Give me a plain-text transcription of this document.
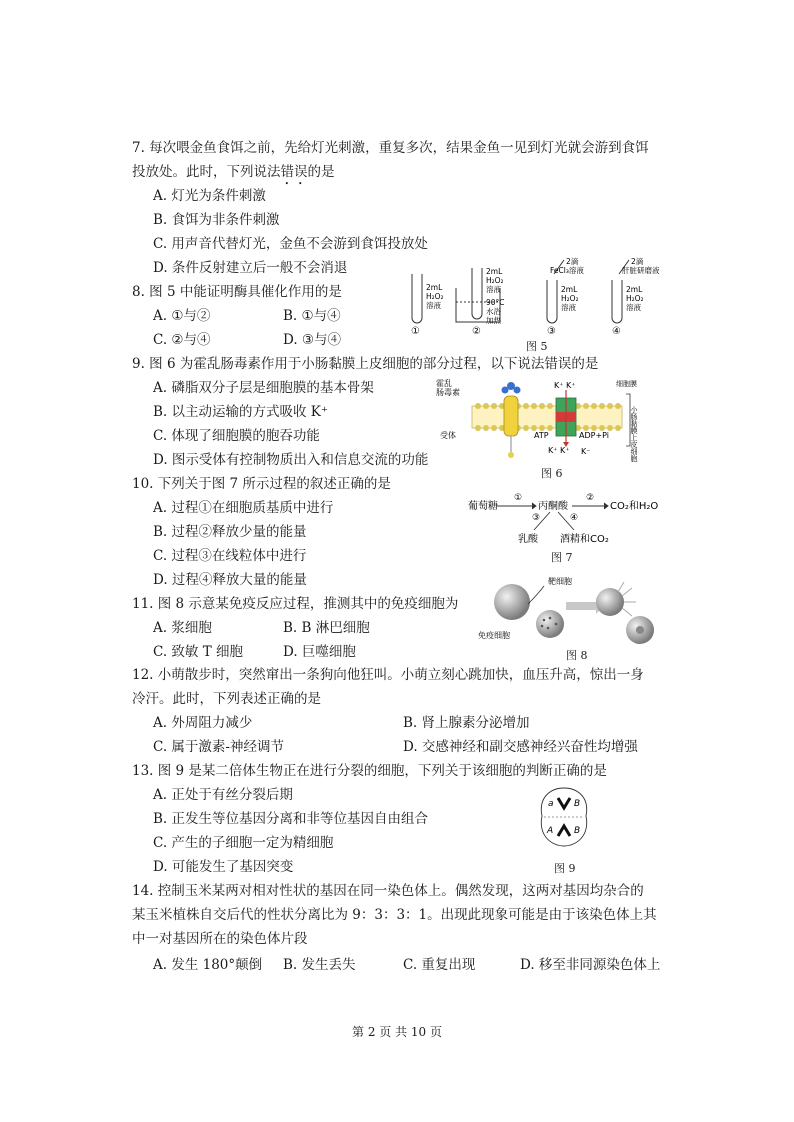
7. 每次喂金鱼食饵之前，先给灯光刺激，重复多次，结果金鱼一见到灯光就会游到食饵
投放处。此时，下列说法错误的是
A. 灯光为条件刺激
B. 食饵为非条件刺激
C. 用声音代替灯光，金鱼不会游到食饵投放处
D. 条件反射建立后一般不会消退
8. 图 5 中能证明酶具催化作用的是
A. ①与②	B. ①与④
C. ②与④	D. ③与④
2mL
H₂O₂
溶液
2mL
H₂O₂
溶液
90°C
水浴
加热
2滴
FeCl₃溶液
2mL
H₂O₂
溶液
2滴
肝脏研磨液
2mL
H₂O₂
溶液
①	②	③	④
图 5
9. 图 6 为霍乱肠毒素作用于小肠黏膜上皮细胞的部分过程，以下说法错误的是
A. 磷脂双分子层是细胞膜的基本骨架
B. 以主动运输的方式吸收 K⁺
C. 体现了细胞膜的胞吞功能
D. 图示受体有控制物质出入和信息交流的功能
霍乱
肠毒素
受体	ATP	ADP+Pi
K⁺ K⁺
K⁺ K⁺ K⁻
细胞膜
小肠黏膜上皮细胞
图 6
10. 下列关于图 7 所示过程的叙述正确的是
A. 过程①在细胞质基质中进行
B. 过程②释放少量的能量
C. 过程③在线粒体中进行
D. 过程④释放大量的能量
葡萄糖	丙酮酸	CO₂和H₂O
①	②
③	④
乳酸 酒精和CO₂
图 7
11. 图 8 示意某免疫反应过程，推测其中的免疫细胞为
A. 浆细胞	B. B 淋巴细胞
C. 致敏 T 细胞	D. 巨噬细胞
靶细胞
免疫细胞
图 8
12. 小萌散步时，突然窜出一条狗向他狂叫。小萌立刻心跳加快，血压升高，惊出一身
冷汗。此时，下列表述正确的是
A. 外周阻力减少	B. 肾上腺素分泌增加
C. 属于激素-神经调节	D. 交感神经和副交感神经兴奋性均增强
13. 图 9 是某二倍体生物正在进行分裂的细胞，下列关于该细胞的判断正确的是
A. 正处于有丝分裂后期
B. 正发生等位基因分离和非等位基因自由组合
C. 产生的子细胞一定为精细胞
D. 可能发生了基因突变
a B
A B
图 9
14. 控制玉米某两对相对性状的基因在同一染色体上。偶然发现，这两对基因均杂合的
某玉米植株自交后代的性状分离比为 9：3：3：1。出现此现象可能是由于该染色体上其
中一对基因所在的染色体片段
A. 发生 180°颠倒 B. 发生丢失	C. 重复出现	D. 移至非同源染色体上
第 2 页 共 10 页
